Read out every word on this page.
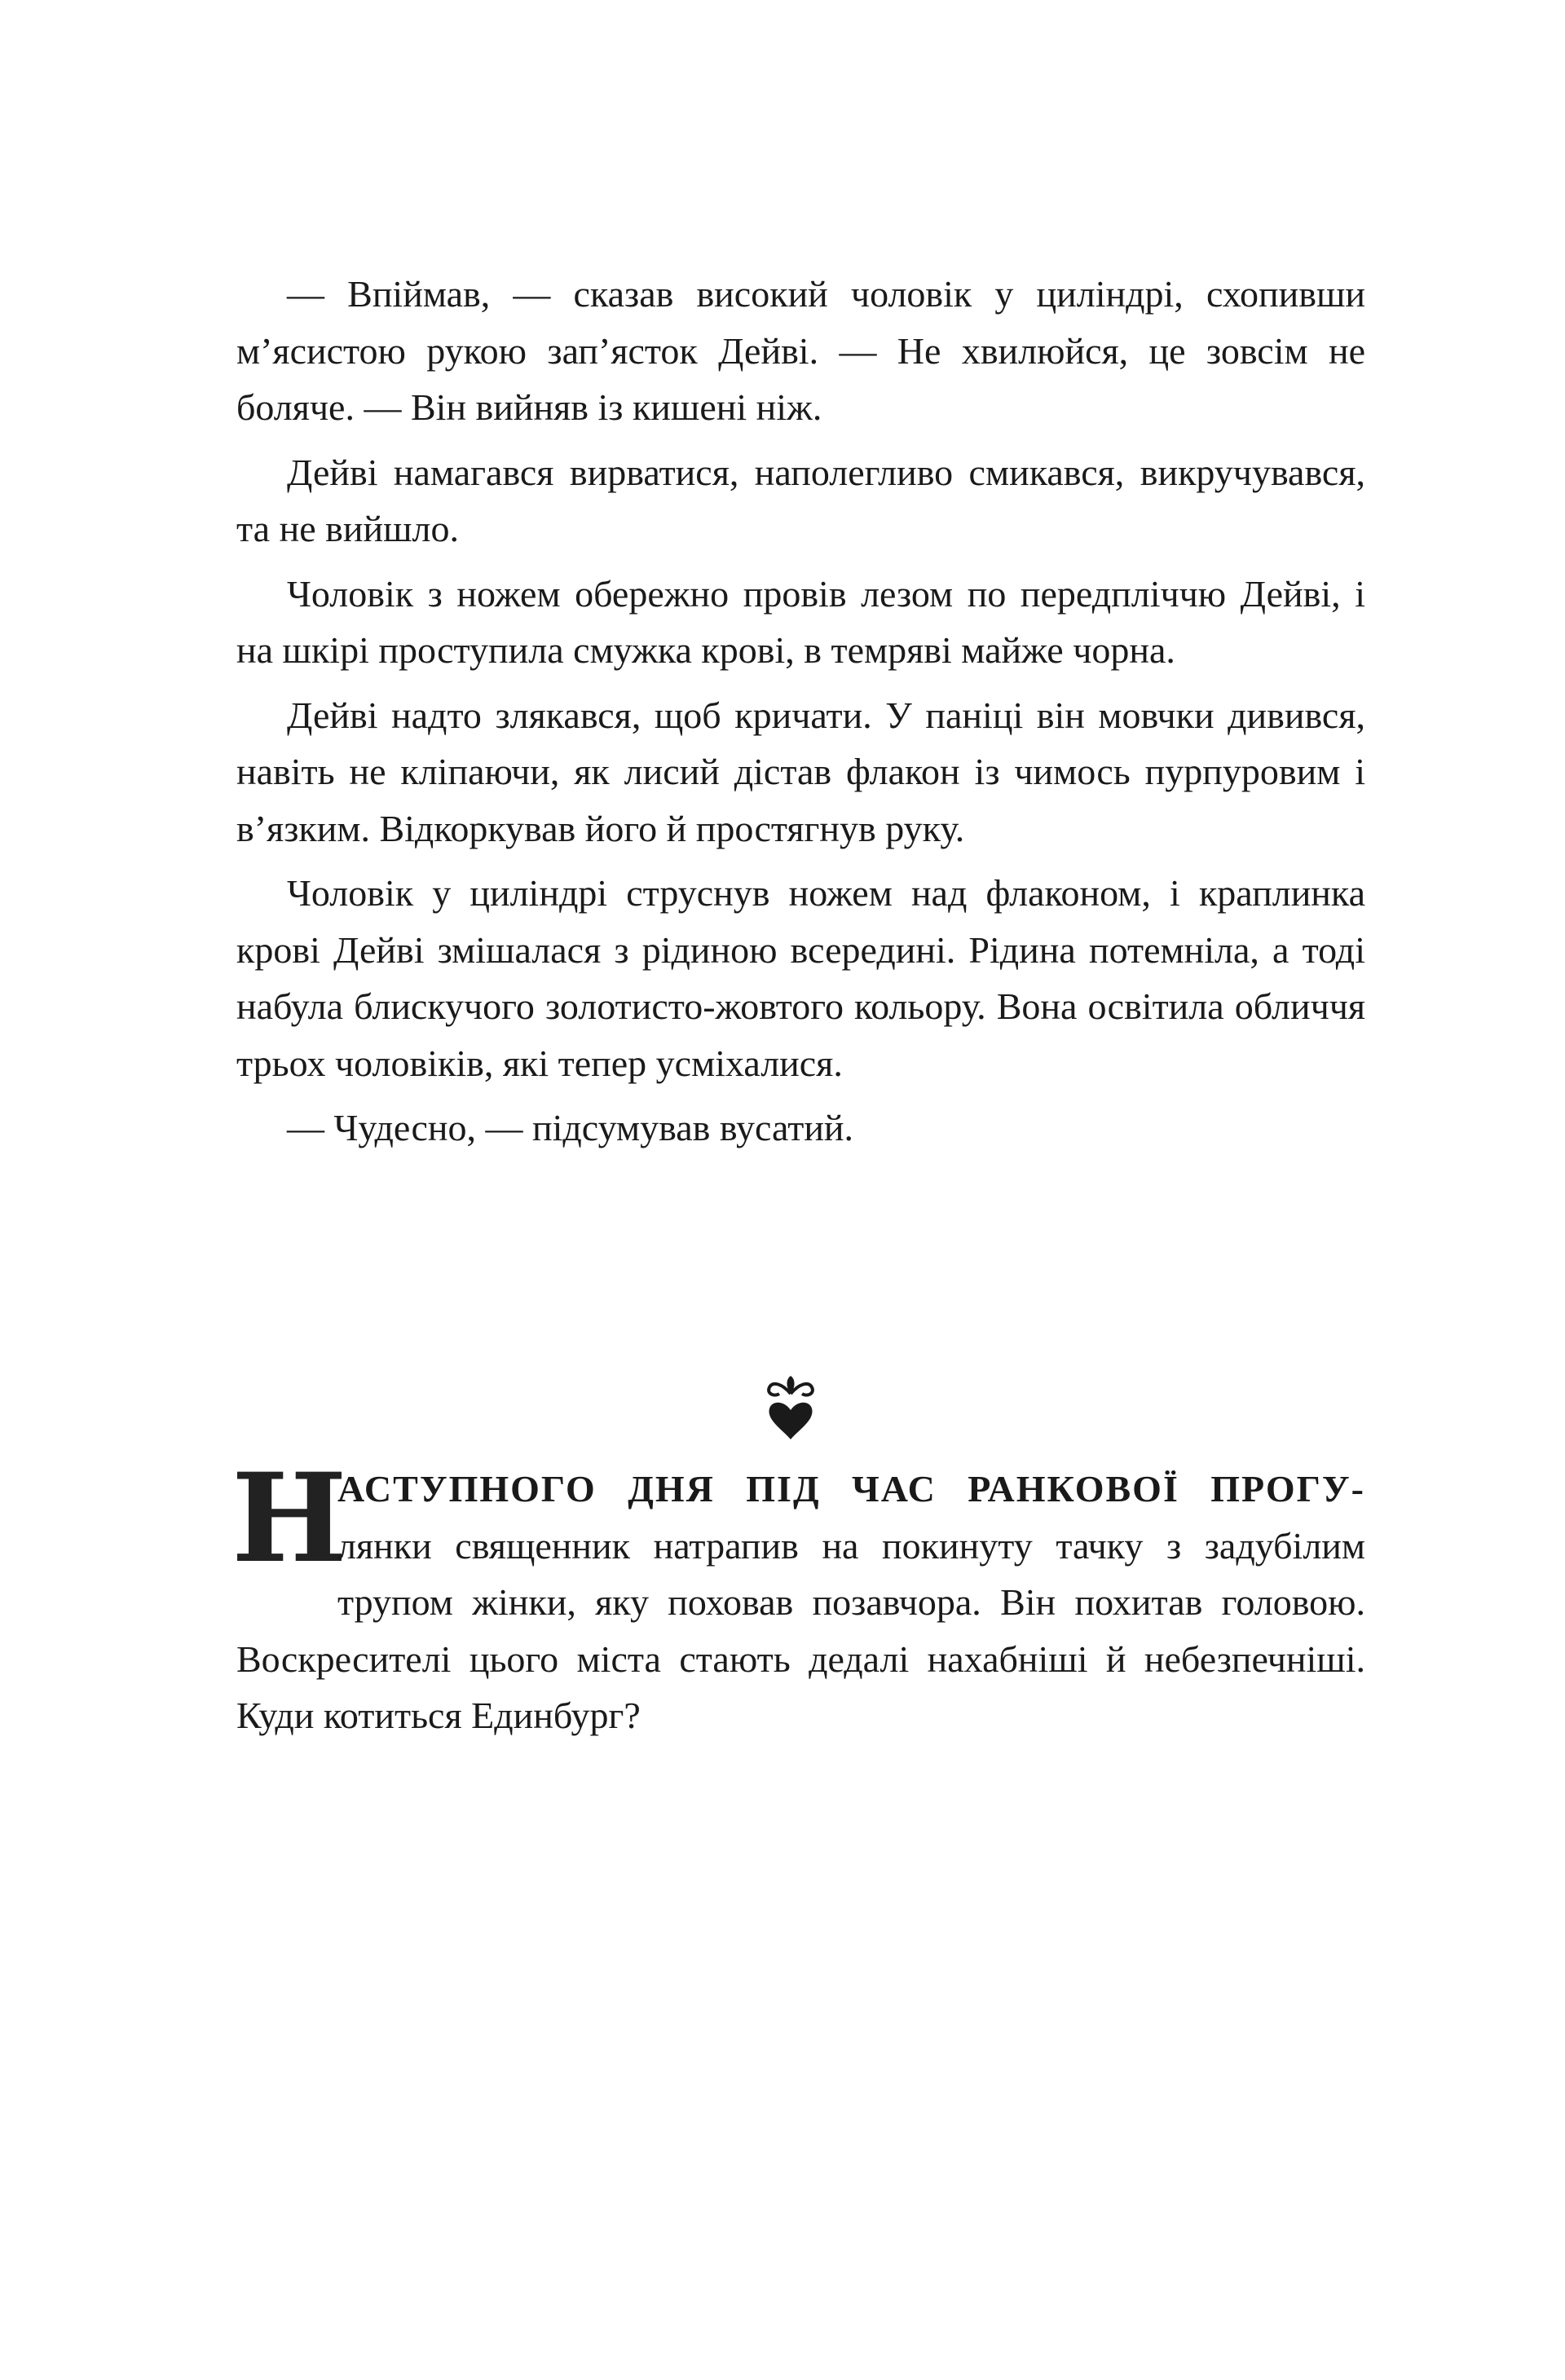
— Впіймав, — сказав високий чоловік у циліндрі, схопивши м’ясистою рукою зап’ясток Дейві. — Не хвилюйся, це зовсім не боляче. — Він вийняв із кишені ніж.

Дейві намагався вирватися, наполегливо смикався, викручувався, та не вийшло.

Чоловік з ножем обережно провів лезом по передпліччю Дейві, і на шкірі проступила смужка крові, в темряві майже чорна.

Дейві надто злякався, щоб кричати. У паніці він мовчки дивився, навіть не кліпаючи, як лисий дістав флакон із чимось пурпуровим і в’язким. Відкоркував його й простягнув руку.

Чоловік у циліндрі струснув ножем над флаконом, і краплинка крові Дейві змішалася з рідиною всередині. Рідина потемніла, а тоді набула блискучого золотисто-жовтого кольору. Вона освітила обличчя трьох чоловіків, які тепер усміхалися.

— Чудесно, — підсумував вусатий.

Н
АСТУПНОГО ДНЯ ПІД ЧАС РАНКОВОЇ ПРОГУ- лянки священник натрапив на покинуту тачку з задубілим трупом жінки, яку поховав позавчора. Він похитав головою. Воскресителі цього міста стають дедалі нахабніші й небезпечніші. Куди котиться Единбург?
